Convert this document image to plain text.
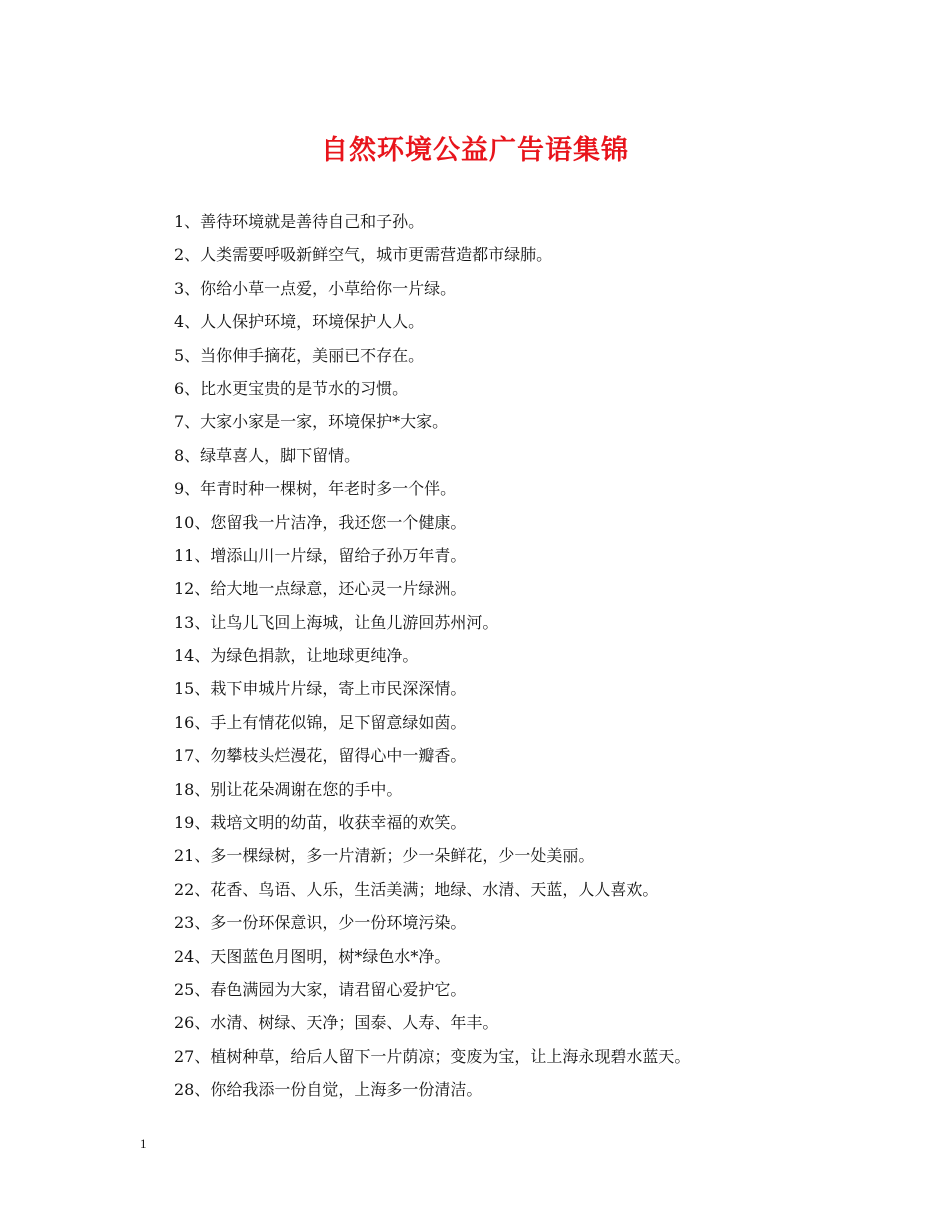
自然环境公益广告语集锦
1、善待环境就是善待自己和子孙。
2、人类需要呼吸新鲜空气，城市更需营造都市绿肺。
3、你给小草一点爱，小草给你一片绿。
4、人人保护环境，环境保护人人。
5、当你伸手摘花，美丽已不存在。
6、比水更宝贵的是节水的习惯。
7、大家小家是一家，环境保护*大家。
8、绿草喜人，脚下留情。
9、年青时种一棵树，年老时多一个伴。
10、您留我一片洁净，我还您一个健康。
11、增添山川一片绿，留给子孙万年青。
12、给大地一点绿意，还心灵一片绿洲。
13、让鸟儿飞回上海城，让鱼儿游回苏州河。
14、为绿色捐款，让地球更纯净。
15、栽下申城片片绿，寄上市民深深情。
16、手上有情花似锦，足下留意绿如茵。
17、勿攀枝头烂漫花，留得心中一瓣香。
18、别让花朵凋谢在您的手中。
19、栽培文明的幼苗，收获幸福的欢笑。
21、多一棵绿树，多一片清新；少一朵鲜花，少一处美丽。
22、花香、鸟语、人乐，生活美满；地绿、水清、天蓝，人人喜欢。
23、多一份环保意识，少一份环境污染。
24、天图蓝色月图明，树*绿色水*净。
25、春色满园为大家，请君留心爱护它。
26、水清、树绿、天净；国泰、人寿、年丰。
27、植树种草，给后人留下一片荫凉；变废为宝，让上海永现碧水蓝天。
28、你给我添一份自觉，上海多一份清洁。
1
